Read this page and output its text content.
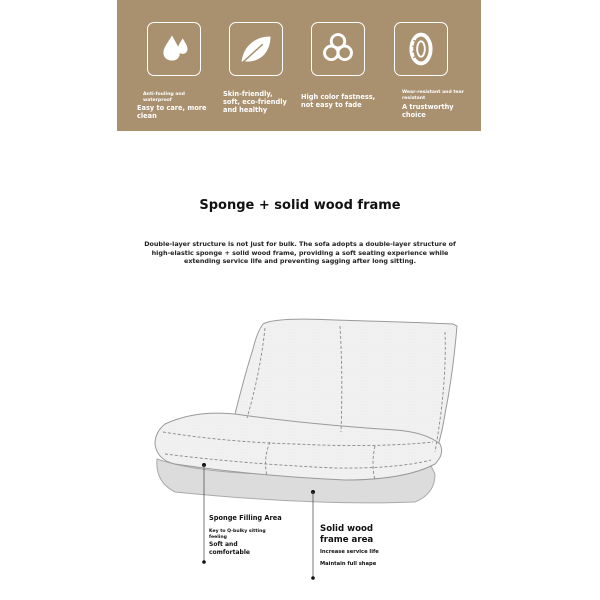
Anti-fouling and waterproof
Easy to care, more clean
Skin-friendly, soft, eco-friendly and healthy
High color fastness, not easy to fade
Wear-resistant and tear resistant
A trustworthy choice
Sponge + solid wood frame
Double-layer structure is not just for bulk. The sofa adopts a double-layer structure of high-elastic sponge + solid wood frame, providing a soft seating experience while extending service life and preventing sagging after long sitting.
Sponge Filling Area
Key to Q-bulky sitting feeling
Soft and comfortable
Solid wood frame area
Increase service life
Maintain full shape
